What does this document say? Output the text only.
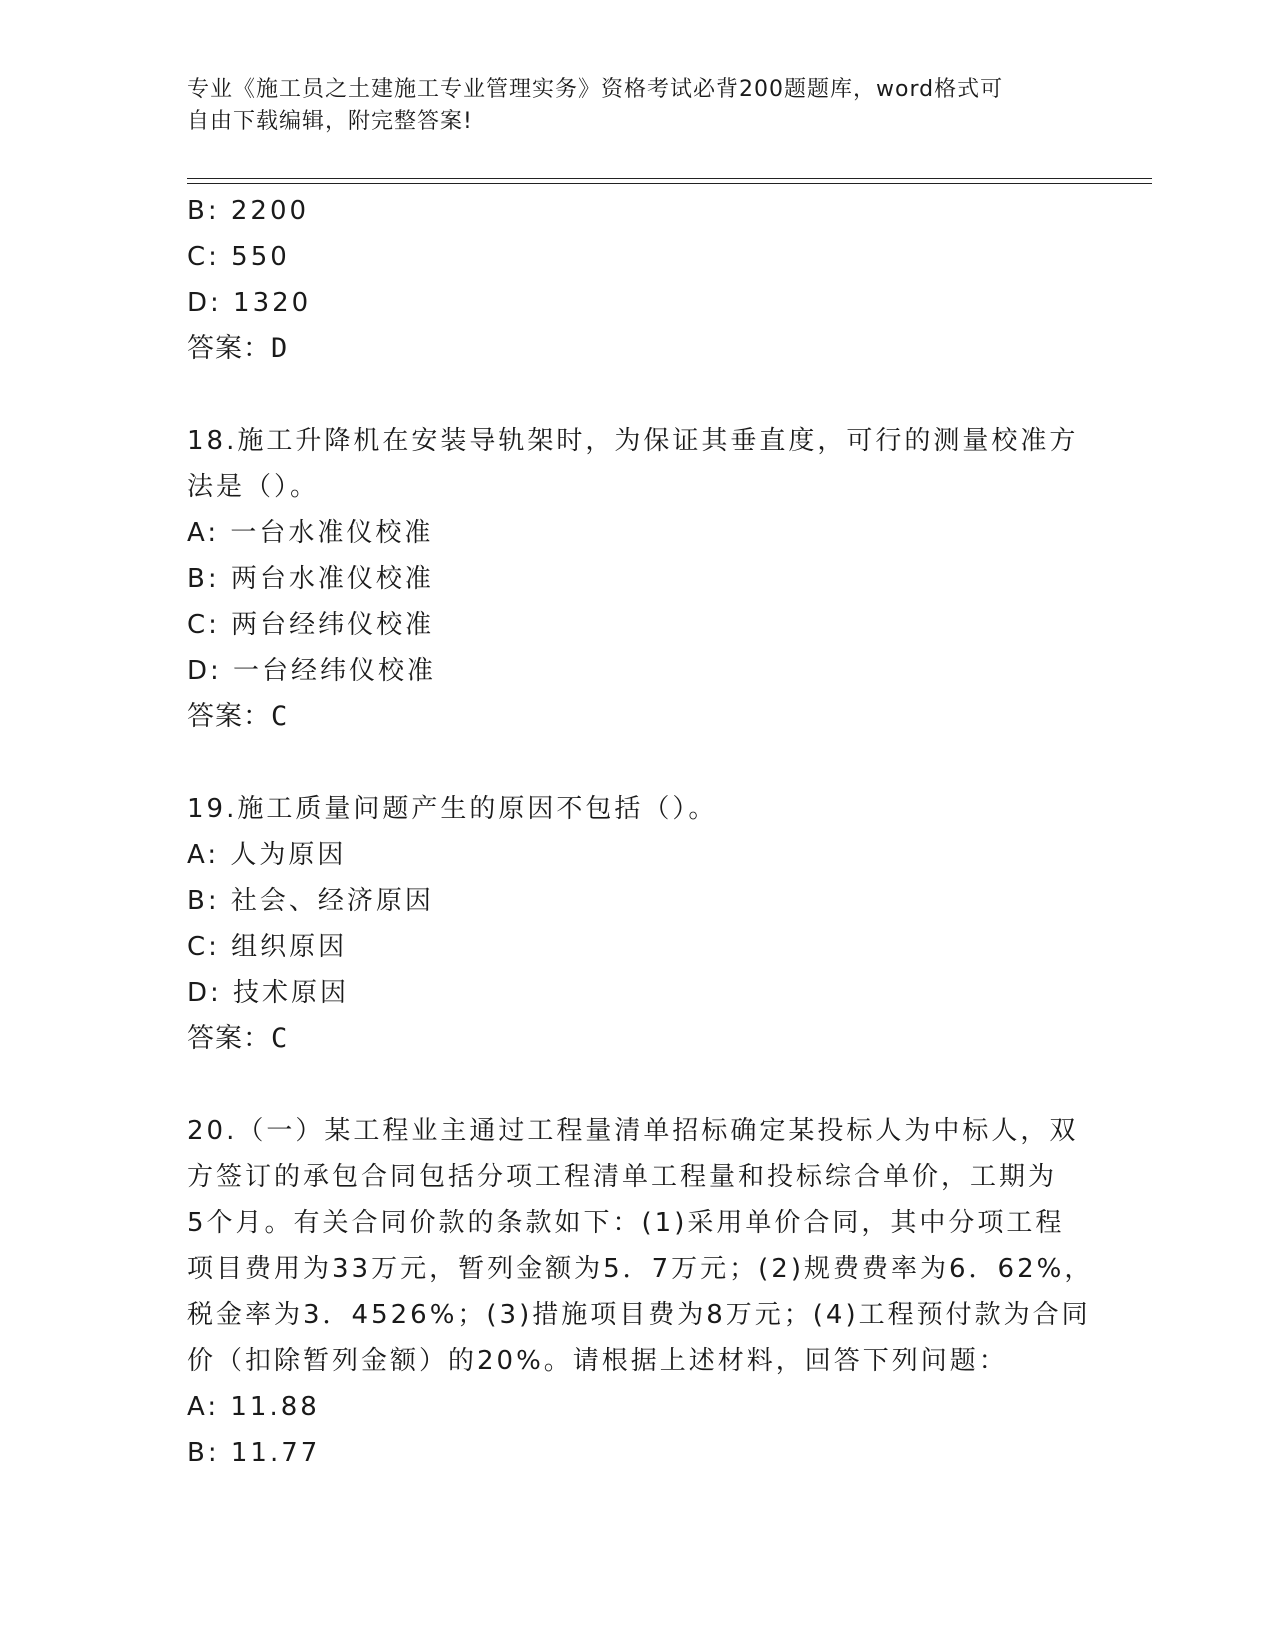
专业《施工员之土建施工专业管理实务》资格考试必背200题题库，word格式可
自由下载编辑，附完整答案!
B: 2200
C: 550
D: 1320
答案：D
18.施工升降机在安装导轨架时，为保证其垂直度，可行的测量校准方
法是（）。
A: 一台水准仪校准
B: 两台水准仪校准
C: 两台经纬仪校准
D: 一台经纬仪校准
答案：C
19.施工质量问题产生的原因不包括（）。
A: 人为原因
B: 社会、经济原因
C: 组织原因
D: 技术原因
答案：C
20.（一）某工程业主通过工程量清单招标确定某投标人为中标人，双
方签订的承包合同包括分项工程清单工程量和投标综合单价，工期为
5个月。有关合同价款的条款如下：(1)采用单价合同，其中分项工程
项目费用为33万元，暂列金额为5．7万元；(2)规费费率为6．62%，
税金率为3．4526%；(3)措施项目费为8万元；(4)工程预付款为合同
价（扣除暂列金额）的20%。请根据上述材料，回答下列问题：
A: 11.88
B: 11.77
